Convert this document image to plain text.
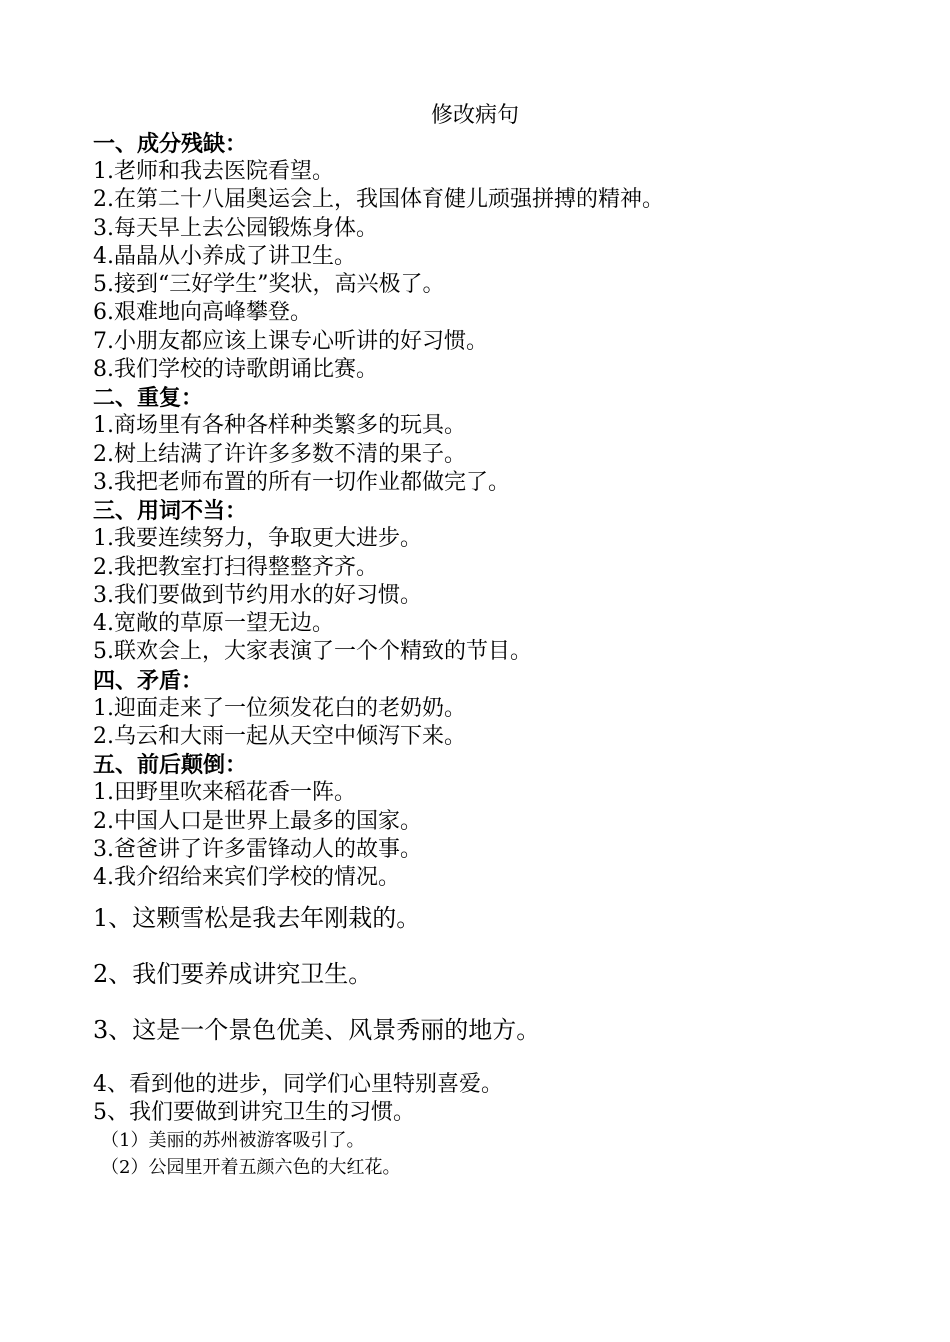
修改病句

一、成分残缺：

1.老师和我去医院看望。

2.在第二十八届奥运会上，我国体育健儿顽强拼搏的精神。

3.每天早上去公园锻炼身体。

4.晶晶从小养成了讲卫生。

5.接到“三好学生”奖状，高兴极了。

6.艰难地向高峰攀登。

7.小朋友都应该上课专心听讲的好习惯。

8.我们学校的诗歌朗诵比赛。

二、重复：

1.商场里有各种各样种类繁多的玩具。

2.树上结满了许许多多数不清的果子。

3.我把老师布置的所有一切作业都做完了。

三、用词不当：

1.我要连续努力，争取更大进步。

2.我把教室打扫得整整齐齐。

3.我们要做到节约用水的好习惯。

4.宽敞的草原一望无边。

5.联欢会上，大家表演了一个个精致的节目。

四、矛盾：

1.迎面走来了一位须发花白的老奶奶。

2.乌云和大雨一起从天空中倾泻下来。

五、前后颠倒：

1.田野里吹来稻花香一阵。

2.中国人口是世界上最多的国家。

3.爸爸讲了许多雷锋动人的故事。

4.我介绍给来宾们学校的情况。

1、这颗雪松是我去年刚栽的。

2、我们要养成讲究卫生。

3、这是一个景色优美、风景秀丽的地方。

4、看到他的进步，同学们心里特别喜爱。

5、我们要做到讲究卫生的习惯。

（1）美丽的苏州被游客吸引了。

（2）公园里开着五颜六色的大红花。
